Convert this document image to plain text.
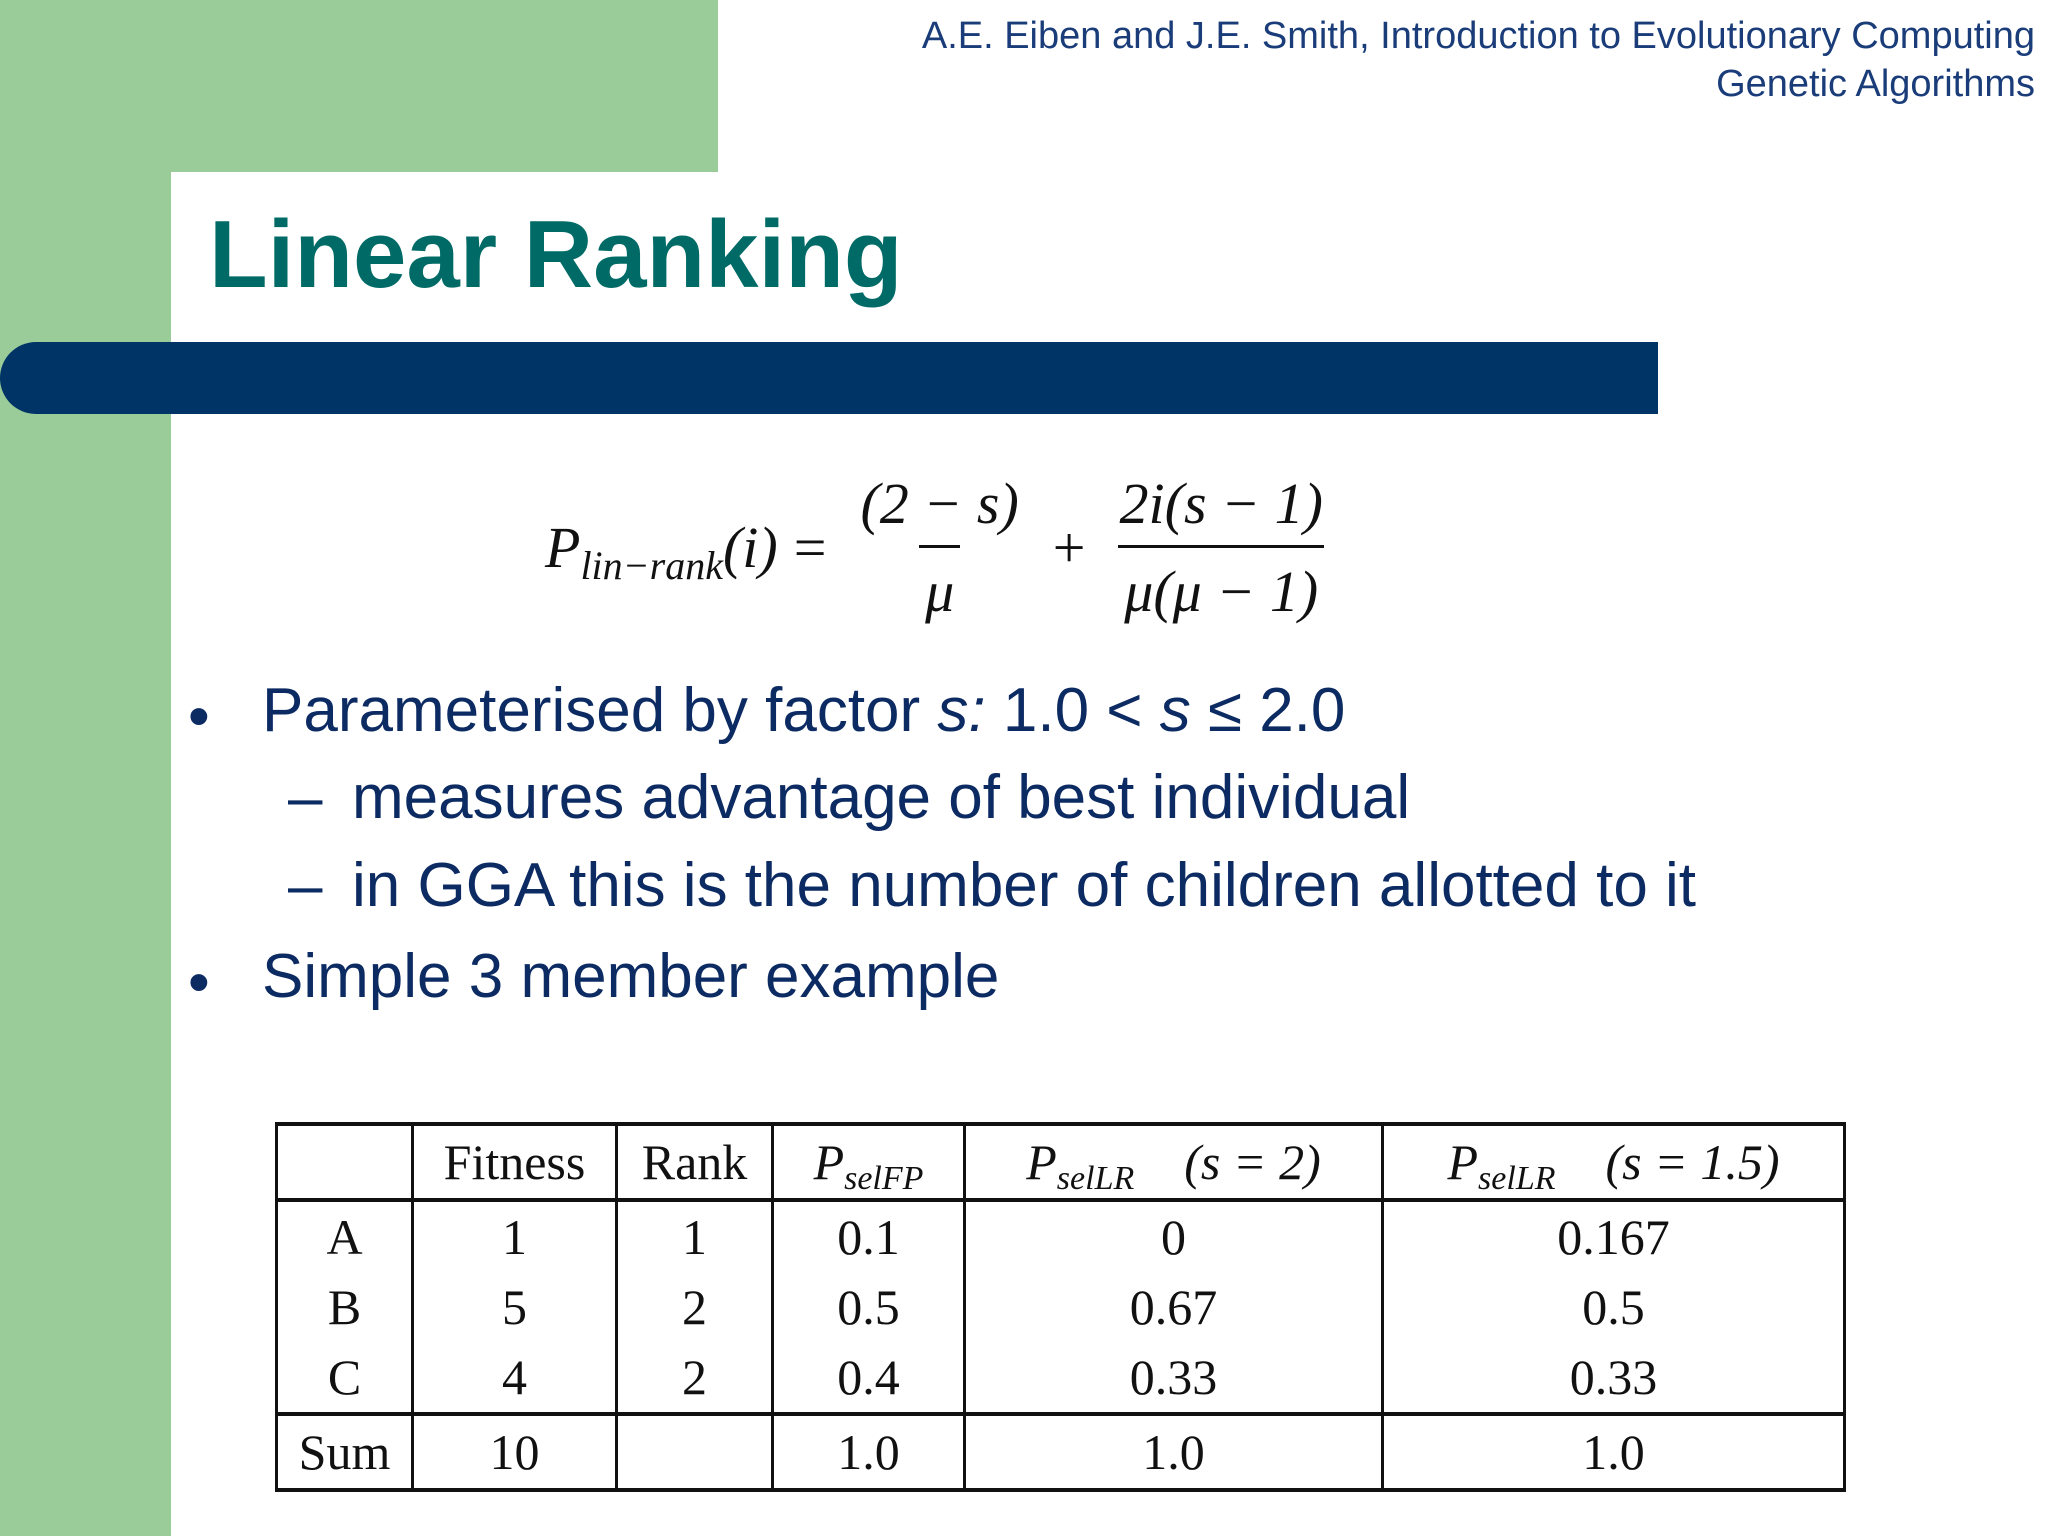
A.E. Eiben and J.E. Smith, Introduction to Evolutionary Computing
Genetic Algorithms
Linear Ranking
P lin−rank $(i) = \frac{(2 - s)}{\mu} + \frac{2i(s - 1)}{\mu(\mu - 1)}$
• Parameterised by factor s: 1.0 < s ≤ 2.0
– measures advantage of best individual
– in GGA this is the number of children allotted to it
• Simple 3 member example
	Fitness	Rank	$P_{selFP}$	$P_{selLR}$ (s = 2)	$P_{selLR}$ (s = 1.5)
A	1	1	0.1	0	0.167
B	5	2	0.5	0.67	0.5
C	4	2	0.4	0.33	0.33
Sum	10		1.0	1.0	1.0
